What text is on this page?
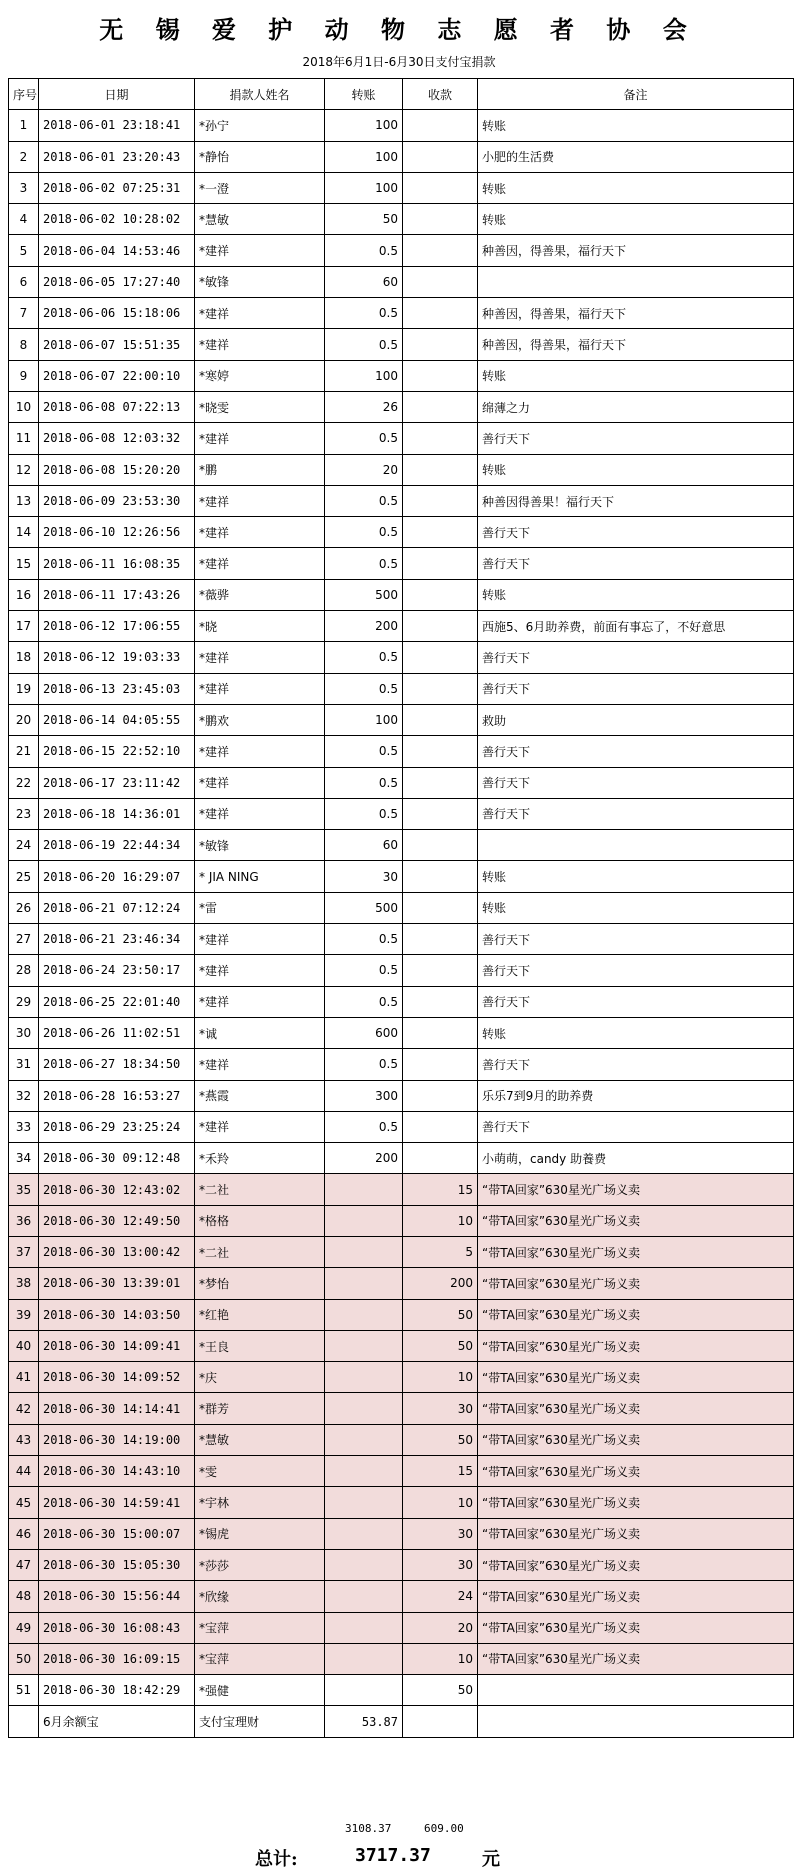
无 锡 爱 护 动 物 志 愿 者 协 会
2018年6月1日-6月30日支付宝捐款
序号	日期	捐款人姓名	转账	收款	备注
1	2018-06-01 23:18:41	*孙宁	100		转账
2	2018-06-01 23:20:43	*静怡	100		小肥的生活费
3	2018-06-02 07:25:31	*一澄	100		转账
4	2018-06-02 10:28:02	*慧敏	50		转账
5	2018-06-04 14:53:46	*建祥	0.5		种善因，得善果，福行天下
6	2018-06-05 17:27:40	*敏锋	60		
7	2018-06-06 15:18:06	*建祥	0.5		种善因，得善果，福行天下
8	2018-06-07 15:51:35	*建祥	0.5		种善因，得善果，福行天下
9	2018-06-07 22:00:10	*寒婷	100		转账
10	2018-06-08 07:22:13	*晓雯	26		绵薄之力
11	2018-06-08 12:03:32	*建祥	0.5		善行天下
12	2018-06-08 15:20:20	*鹏	20		转账
13	2018-06-09 23:53:30	*建祥	0.5		种善因得善果！福行天下
14	2018-06-10 12:26:56	*建祥	0.5		善行天下
15	2018-06-11 16:08:35	*建祥	0.5		善行天下
16	2018-06-11 17:43:26	*薇骅	500		转账
17	2018-06-12 17:06:55	*晓	200		西施5、6月助养费，前面有事忘了，不好意思
18	2018-06-12 19:03:33	*建祥	0.5		善行天下
19	2018-06-13 23:45:03	*建祥	0.5		善行天下
20	2018-06-14 04:05:55	*鹏欢	100		救助
21	2018-06-15 22:52:10	*建祥	0.5		善行天下
22	2018-06-17 23:11:42	*建祥	0.5		善行天下
23	2018-06-18 14:36:01	*建祥	0.5		善行天下
24	2018-06-19 22:44:34	*敏锋	60		
25	2018-06-20 16:29:07	* JIA NING	30		转账
26	2018-06-21 07:12:24	*雷	500		转账
27	2018-06-21 23:46:34	*建祥	0.5		善行天下
28	2018-06-24 23:50:17	*建祥	0.5		善行天下
29	2018-06-25 22:01:40	*建祥	0.5		善行天下
30	2018-06-26 11:02:51	*诚	600		转账
31	2018-06-27 18:34:50	*建祥	0.5		善行天下
32	2018-06-28 16:53:27	*燕霞	300		乐乐7到9月的助养费
33	2018-06-29 23:25:24	*建祥	0.5		善行天下
34	2018-06-30 09:12:48	*禾羚	200		小萌萌，candy 助養费
35	2018-06-30 12:43:02	*二社		15	“带TA回家”630星光广场义卖
36	2018-06-30 12:49:50	*格格		10	“带TA回家”630星光广场义卖
37	2018-06-30 13:00:42	*二社		5	“带TA回家”630星光广场义卖
38	2018-06-30 13:39:01	*梦怡		200	“带TA回家”630星光广场义卖
39	2018-06-30 14:03:50	*红艳		50	“带TA回家”630星光广场义卖
40	2018-06-30 14:09:41	*王良		50	“带TA回家”630星光广场义卖
41	2018-06-30 14:09:52	*庆		10	“带TA回家”630星光广场义卖
42	2018-06-30 14:14:41	*群芳		30	“带TA回家”630星光广场义卖
43	2018-06-30 14:19:00	*慧敏		50	“带TA回家”630星光广场义卖
44	2018-06-30 14:43:10	*雯		15	“带TA回家”630星光广场义卖
45	2018-06-30 14:59:41	*宇林		10	“带TA回家”630星光广场义卖
46	2018-06-30 15:00:07	*锡虎		30	“带TA回家”630星光广场义卖
47	2018-06-30 15:05:30	*莎莎		30	“带TA回家”630星光广场义卖
48	2018-06-30 15:56:44	*欣缘		24	“带TA回家”630星光广场义卖
49	2018-06-30 16:08:43	*宝萍		20	“带TA回家”630星光广场义卖
50	2018-06-30 16:09:15	*宝萍		10	“带TA回家”630星光广场义卖
51	2018-06-30 18:42:29	*强健		50	
	6月余额宝	支付宝理财	53.87		
3108.37	609.00
总计:	3717.37	元
